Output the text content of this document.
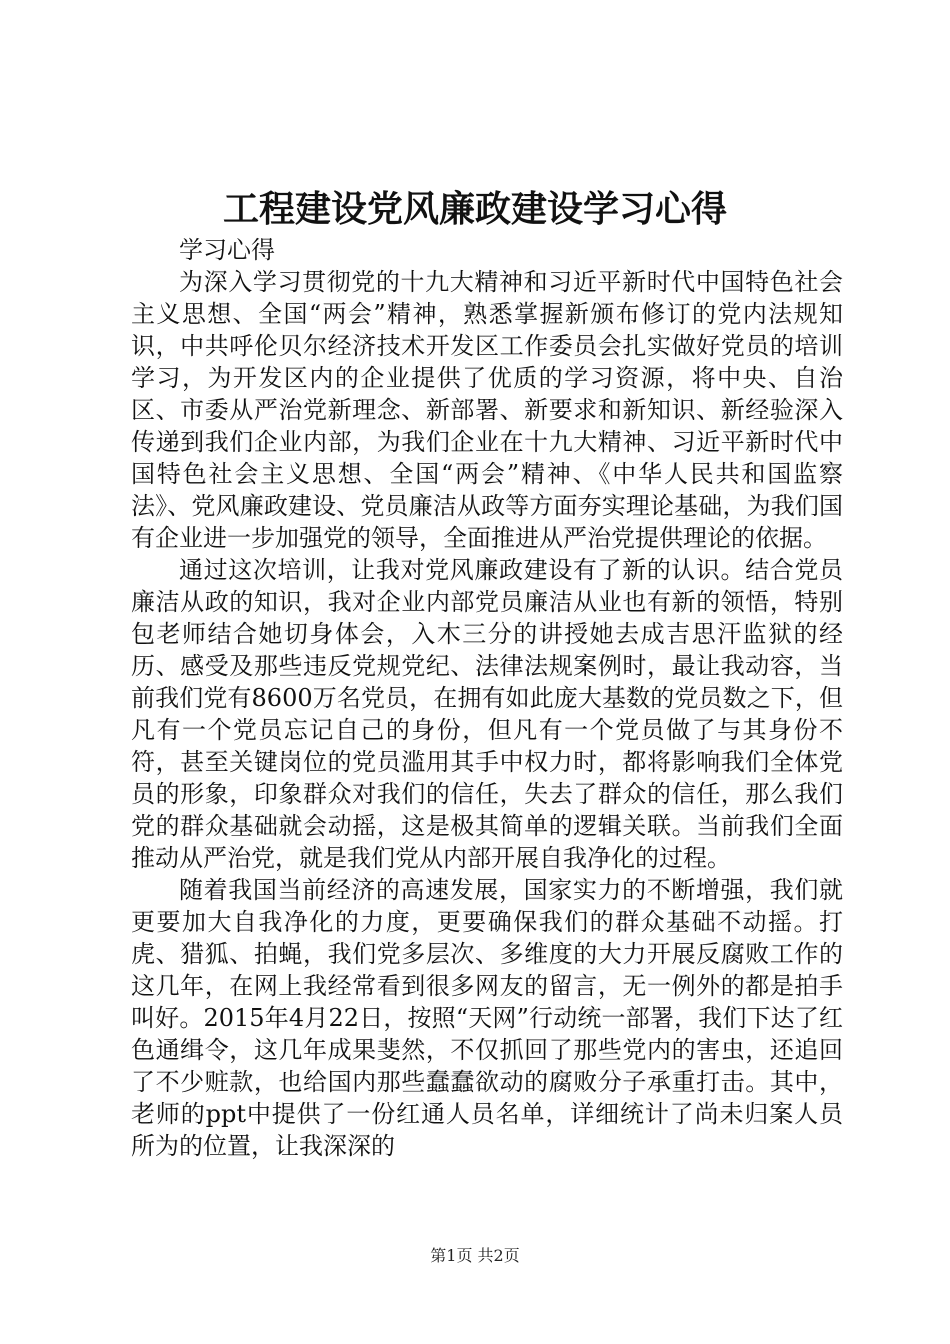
工程建设党风廉政建设学习心得

学习心得

为深入学习贯彻党的十九大精神和习近平新时代中国特色社会主义思想、全国“两会”精神，熟悉掌握新颁布修订的党内法规知识，中共呼伦贝尔经济技术开发区工作委员会扎实做好党员的培训学习，为开发区内的企业提供了优质的学习资源，将中央、自治区、市委从严治党新理念、新部署、新要求和新知识、新经验深入传递到我们企业内部，为我们企业在十九大精神、习近平新时代中国特色社会主义思想、全国“两会”精神、《中华人民共和国监察法》、党风廉政建设、党员廉洁从政等方面夯实理论基础，为我们国有企业进一步加强党的领导，全面推进从严治党提供理论的依据。

通过这次培训，让我对党风廉政建设有了新的认识。结合党员廉洁从政的知识，我对企业内部党员廉洁从业也有新的领悟，特别包老师结合她切身体会，入木三分的讲授她去成吉思汗监狱的经历、感受及那些违反党规党纪、法律法规案例时，最让我动容，当前我们党有8600万名党员，在拥有如此庞大基数的党员数之下，但凡有一个党员忘记自己的身份，但凡有一个党员做了与其身份不符，甚至关键岗位的党员滥用其手中权力时，都将影响我们全体党员的形象，印象群众对我们的信任，失去了群众的信任，那么我们党的群众基础就会动摇，这是极其简单的逻辑关联。当前我们全面推动从严治党，就是我们党从内部开展自我净化的过程。

随着我国当前经济的高速发展，国家实力的不断增强，我们就更要加大自我净化的力度，更要确保我们的群众基础不动摇。打虎、猎狐、拍蝇，我们党多层次、多维度的大力开展反腐败工作的这几年，在网上我经常看到很多网友的留言，无一例外的都是拍手叫好。2015年4月22日，按照“天网”行动统一部署，我们下达了红色通缉令，这几年成果斐然，不仅抓回了那些党内的害虫，还追回了不少赃款，也给国内那些蠢蠢欲动的腐败分子承重打击。其中，老师的ppt中提供了一份红通人员名单，详细统计了尚未归案人员所为的位置，让我深深的

第1页 共2页
